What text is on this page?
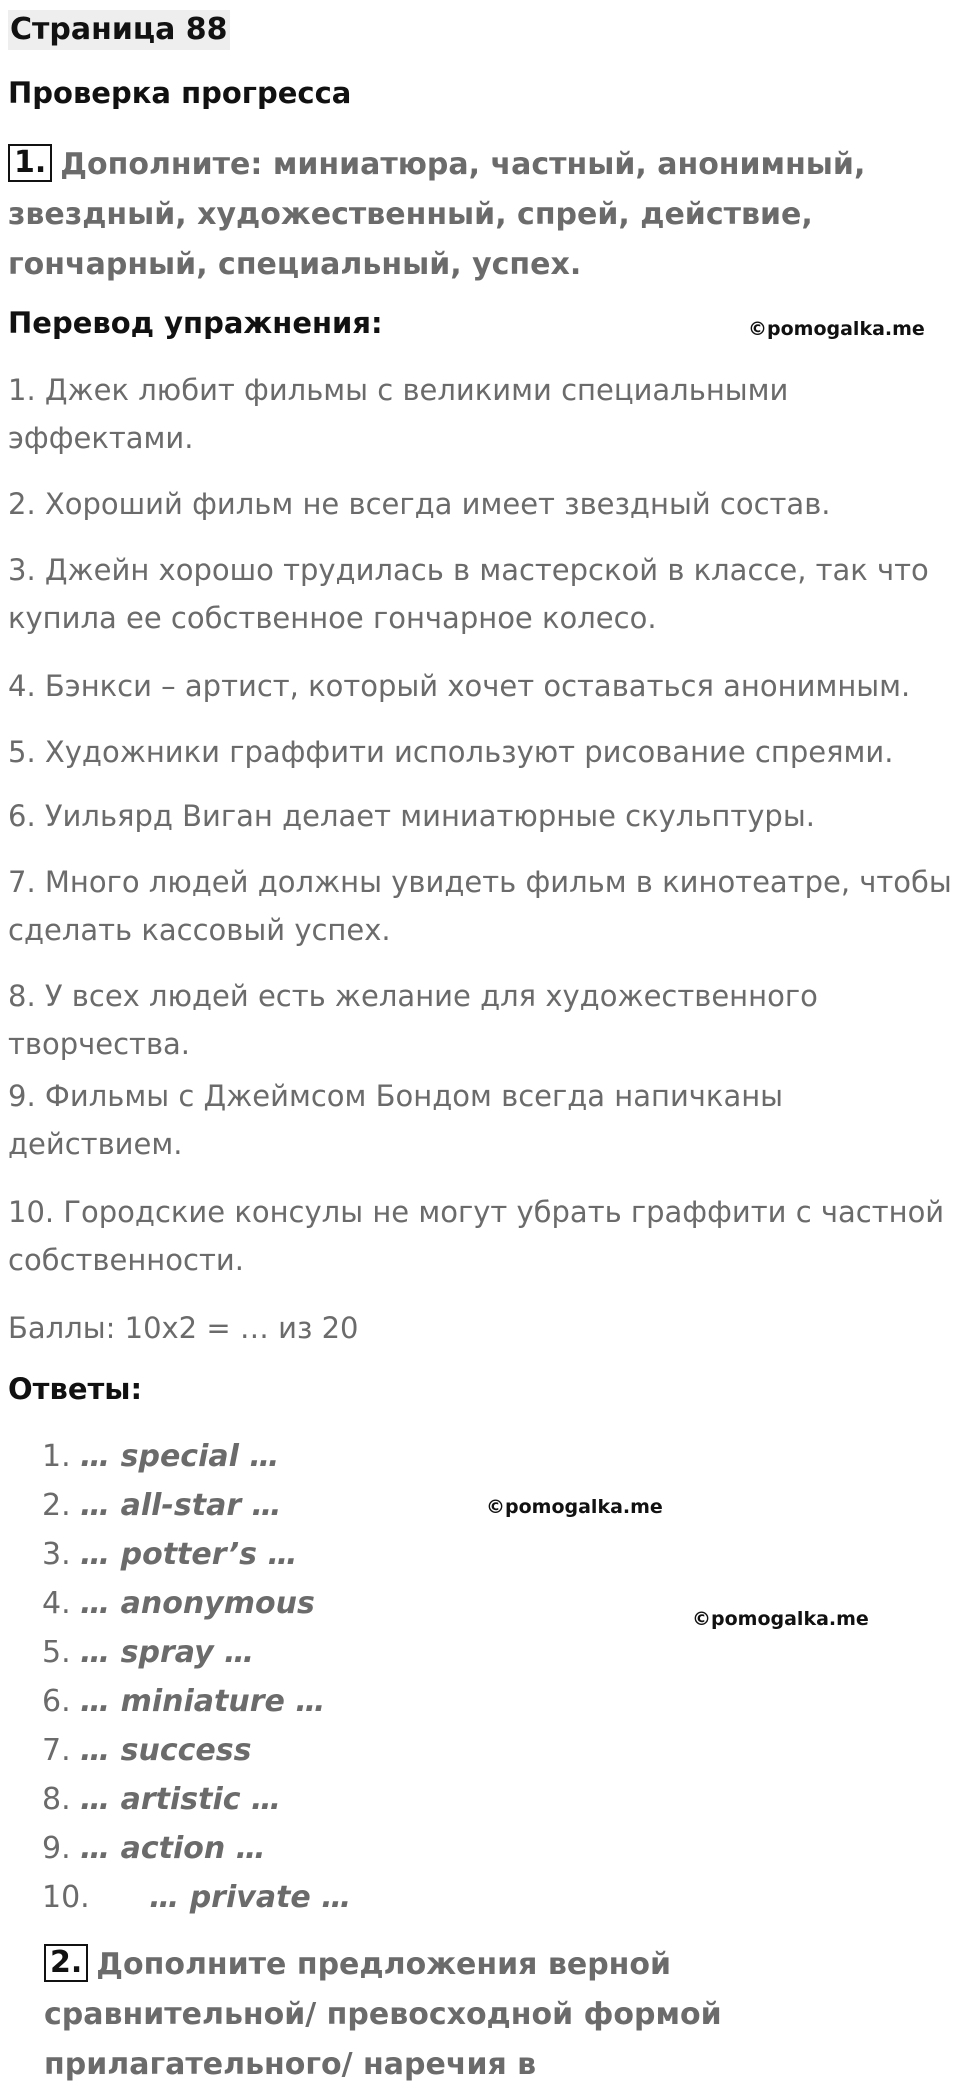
Страница 88
Проверка прогресса
1. Дополните: миниатюра, частный, анонимный, звездный, художественный, спрей, действие, гончарный, специальный, успех.
Перевод упражнения:	©pomogalka.me
1. Джек любит фильмы с великими специальными эффектами.
2. Хороший фильм не всегда имеет звездный состав.
3. Джейн хорошо трудилась в мастерской в классе, так что купила ее собственное гончарное колесо.
4. Бэнкси – артист, который хочет оставаться анонимным.
5. Художники граффити используют рисование спреями.
6. Уильярд Виган делает миниатюрные скульптуры.
7. Много людей должны увидеть фильм в кинотеатре, чтобы сделать кассовый успех.
8. У всех людей есть желание для художественного творчества.
9. Фильмы с Джеймсом Бондом всегда напичканы действием.
10. Городские консулы не могут убрать граффити с частной собственности.
Баллы: 10х2 = … из 20
Ответы:
1. … special …
2. … all-star …
3. … potter’s …
4. … anonymous
5. … spray …
6. … miniature …
7. … success
8. … artistic …
9. … action …
10. … private …
©pomogalka.me
©pomogalka.me
2. Дополните предложения верной сравнительной/ превосходной формой прилагательного/ наречия в
